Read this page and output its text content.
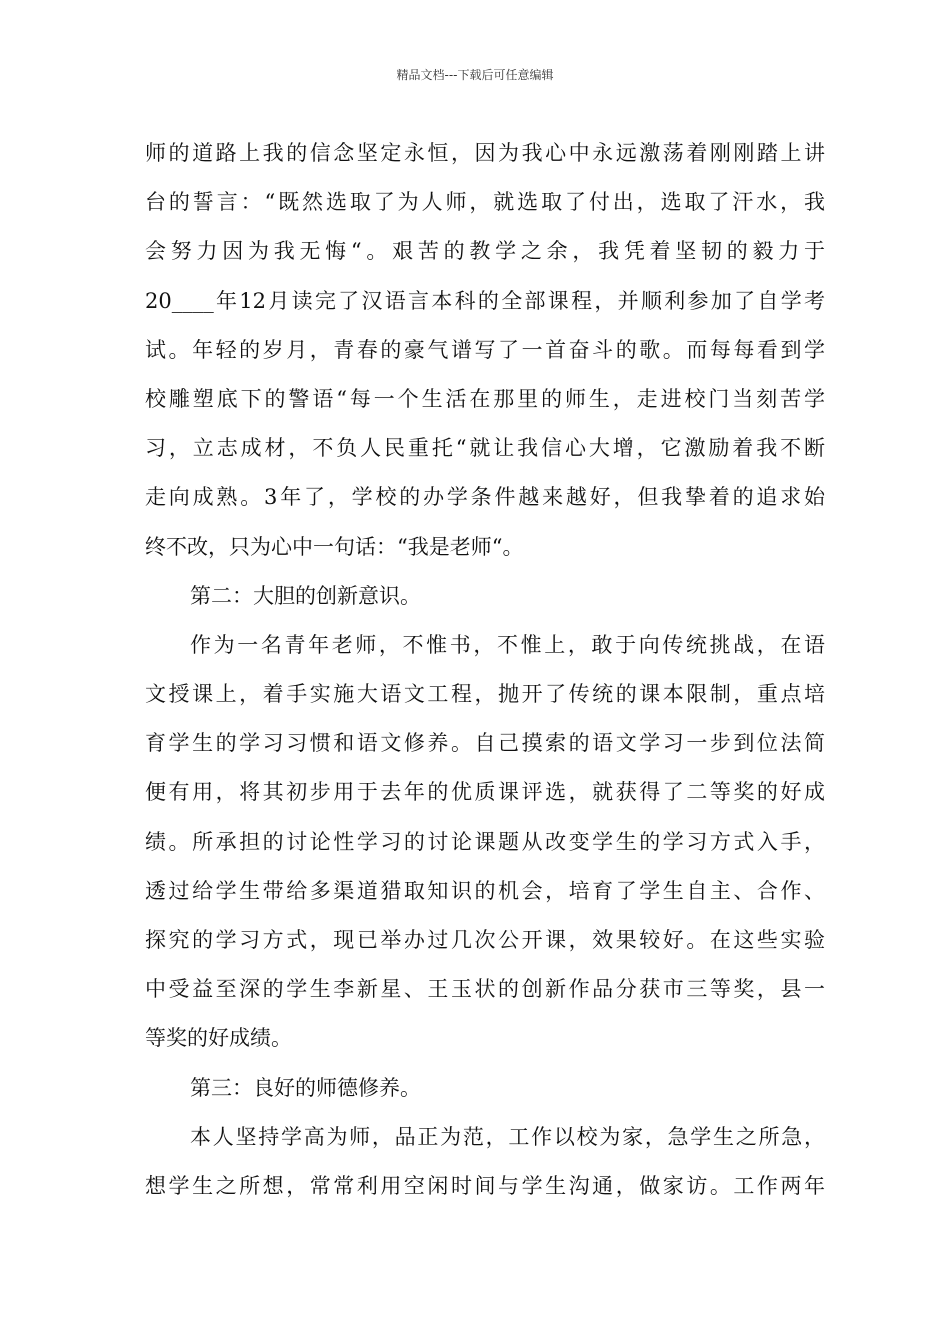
精品文档---下载后可任意编辑
师的道路上我的信念坚定永恒，因为我心中永远激荡着刚刚踏上讲
台的誓言：“既然选取了为人师，就选取了付出，选取了汗水，我
会努力因为我无悔“。艰苦的教学之余，我凭着坚韧的毅力于
20____年12月读完了汉语言本科的全部课程，并顺利参加了自学考
试。年轻的岁月，青春的豪气谱写了一首奋斗的歌。而每每看到学
校雕塑底下的警语“每一个生活在那里的师生，走进校门当刻苦学
习，立志成材，不负人民重托“就让我信心大增，它激励着我不断
走向成熟。3年了，学校的办学条件越来越好，但我挚着的追求始
终不改，只为心中一句话：“我是老师“。
第二：大胆的创新意识。
作为一名青年老师，不惟书，不惟上，敢于向传统挑战，在语
文授课上，着手实施大语文工程，抛开了传统的课本限制，重点培
育学生的学习习惯和语文修养。自己摸索的语文学习一步到位法简
便有用，将其初步用于去年的优质课评选，就获得了二等奖的好成
绩。所承担的讨论性学习的讨论课题从改变学生的学习方式入手，
透过给学生带给多渠道猎取知识的机会，培育了学生自主、合作、
探究的学习方式，现已举办过几次公开课，效果较好。在这些实验
中受益至深的学生李新星、王玉状的创新作品分获市三等奖，县一
等奖的好成绩。
第三：良好的师德修养。
本人坚持学高为师，品正为范，工作以校为家，急学生之所急，
想学生之所想，常常利用空闲时间与学生沟通，做家访。工作两年
